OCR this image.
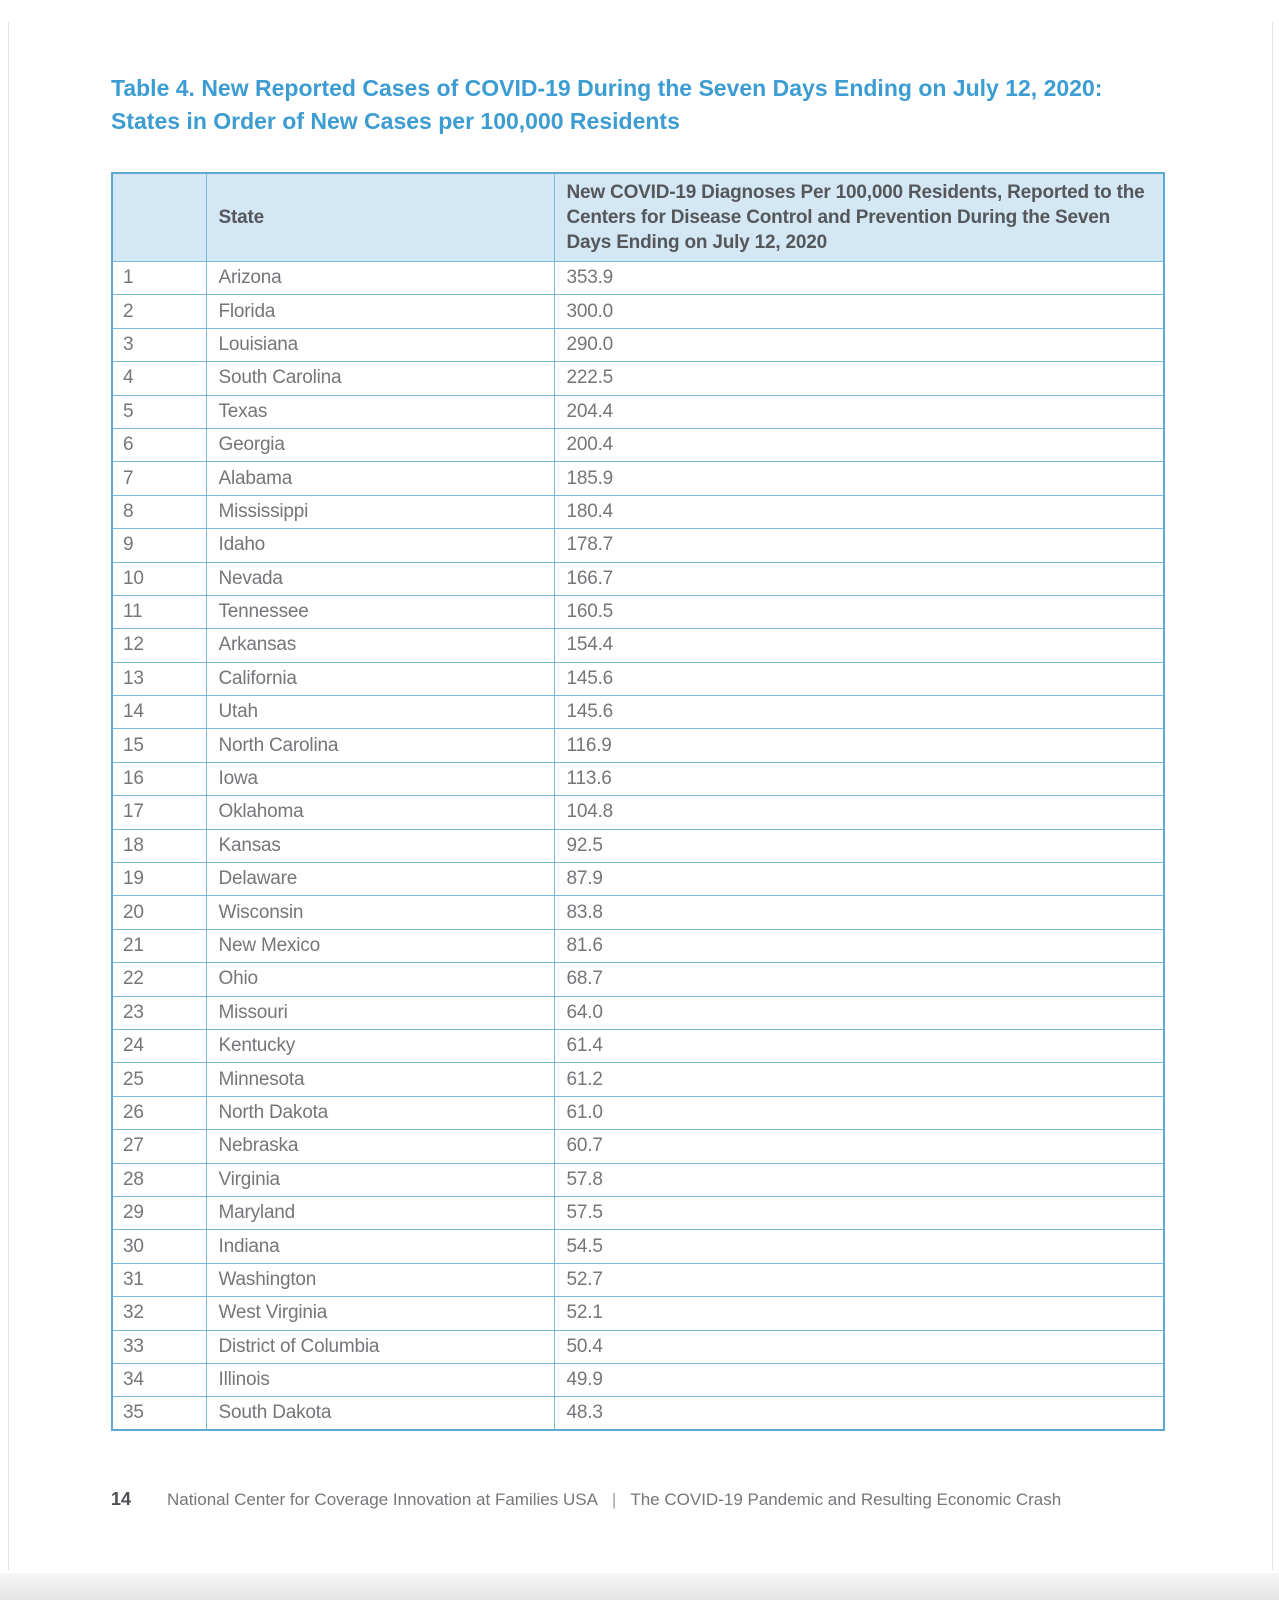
Table 4. New Reported Cases of COVID-19 During the Seven Days Ending on July 12, 2020:
States in Order of New Cases per 100,000 Residents
	State	New COVID-19 Diagnoses Per 100,000 Residents, Reported to the Centers for Disease Control and Prevention During the Seven Days Ending on July 12, 2020
1	Arizona	353.9
2	Florida	300.0
3	Louisiana	290.0
4	South Carolina	222.5
5	Texas	204.4
6	Georgia	200.4
7	Alabama	185.9
8	Mississippi	180.4
9	Idaho	178.7
10	Nevada	166.7
11	Tennessee	160.5
12	Arkansas	154.4
13	California	145.6
14	Utah	145.6
15	North Carolina	116.9
16	Iowa	113.6
17	Oklahoma	104.8
18	Kansas	92.5
19	Delaware	87.9
20	Wisconsin	83.8
21	New Mexico	81.6
22	Ohio	68.7
23	Missouri	64.0
24	Kentucky	61.4
25	Minnesota	61.2
26	North Dakota	61.0
27	Nebraska	60.7
28	Virginia	57.8
29	Maryland	57.5
30	Indiana	54.5
31	Washington	52.7
32	West Virginia	52.1
33	District of Columbia	50.4
34	Illinois	49.9
35	South Dakota	48.3
14 National Center for Coverage Innovation at Families USA | The COVID-19 Pandemic and Resulting Economic Crash
